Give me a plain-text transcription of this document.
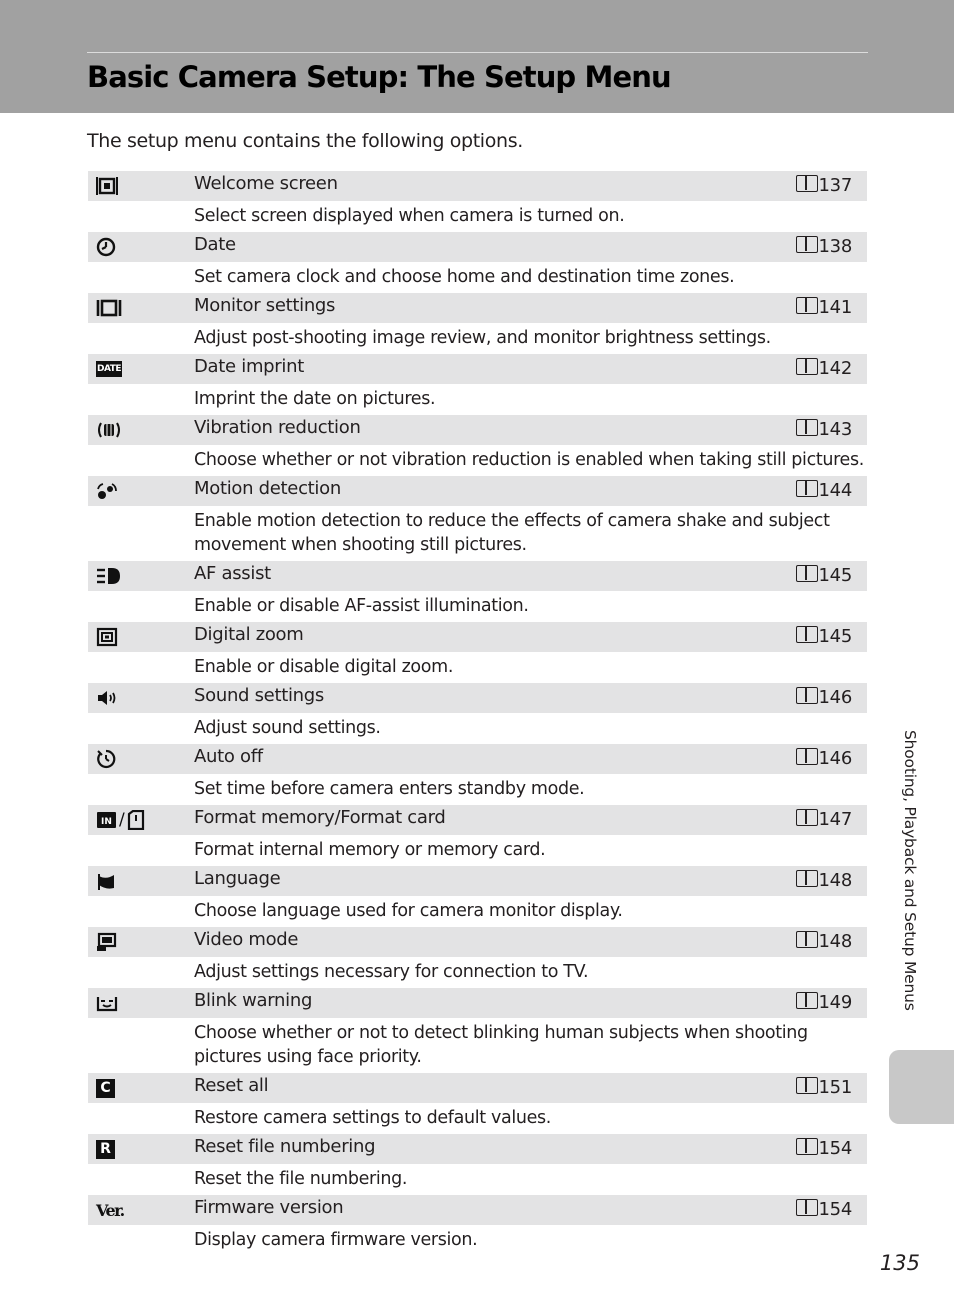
Basic Camera Setup: The Setup Menu

The setup menu contains the following options.

Welcome screen	137
Select screen displayed when camera is turned on.
Date	138
Set camera clock and choose home and destination time zones.
Monitor settings	141
Adjust post-shooting image review, and monitor brightness settings.
DATE	Date imprint	142
Imprint the date on pictures.
Vibration reduction	143
Choose whether or not vibration reduction is enabled when taking still pictures.
Motion detection	144
Enable motion detection to reduce the effects of camera shake and subject movement when shooting still pictures.
AF assist	145
Enable or disable AF-assist illumination.
Digital zoom	145
Enable or disable digital zoom.
Sound settings	146
Adjust sound settings.
Auto off	146
Set time before camera enters standby mode.
IN /	Format memory/Format card	147
Format internal memory or memory card.
Language	148
Choose language used for camera monitor display.
Video mode	148
Adjust settings necessary for connection to TV.
Blink warning	149
Choose whether or not to detect blinking human subjects when shooting pictures using face priority.
C	Reset all	151
Restore camera settings to default values.
R	Reset file numbering	154
Reset the file numbering.
Ver.	Firmware version	154
Display camera firmware version.
Shooting, Playback and Setup Menus
135
